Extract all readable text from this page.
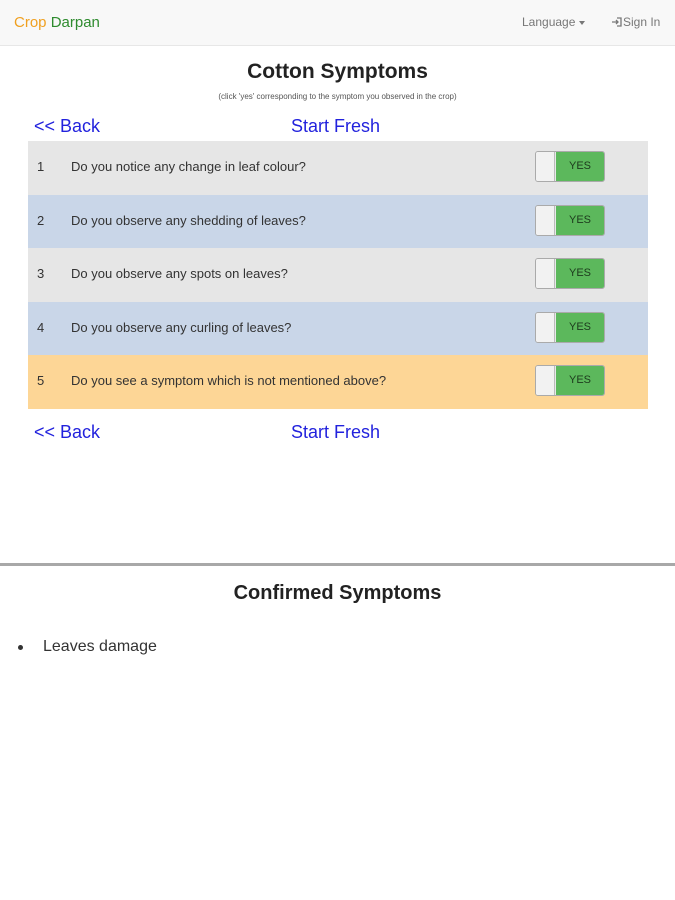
Crop Darpan	Language	Sign In
Cotton Symptoms
(click 'yes' corresponding to the symptom you observed in the crop)
<< Back	Start Fresh
1 Do you notice any change in leaf colour?	YES
2 Do you observe any shedding of leaves?	YES
3 Do you observe any spots on leaves?	YES
4 Do you observe any curling of leaves?	YES
5 Do you see a symptom which is not mentioned above?	YES
<< Back	Start Fresh
Confirmed Symptoms
Leaves damage
